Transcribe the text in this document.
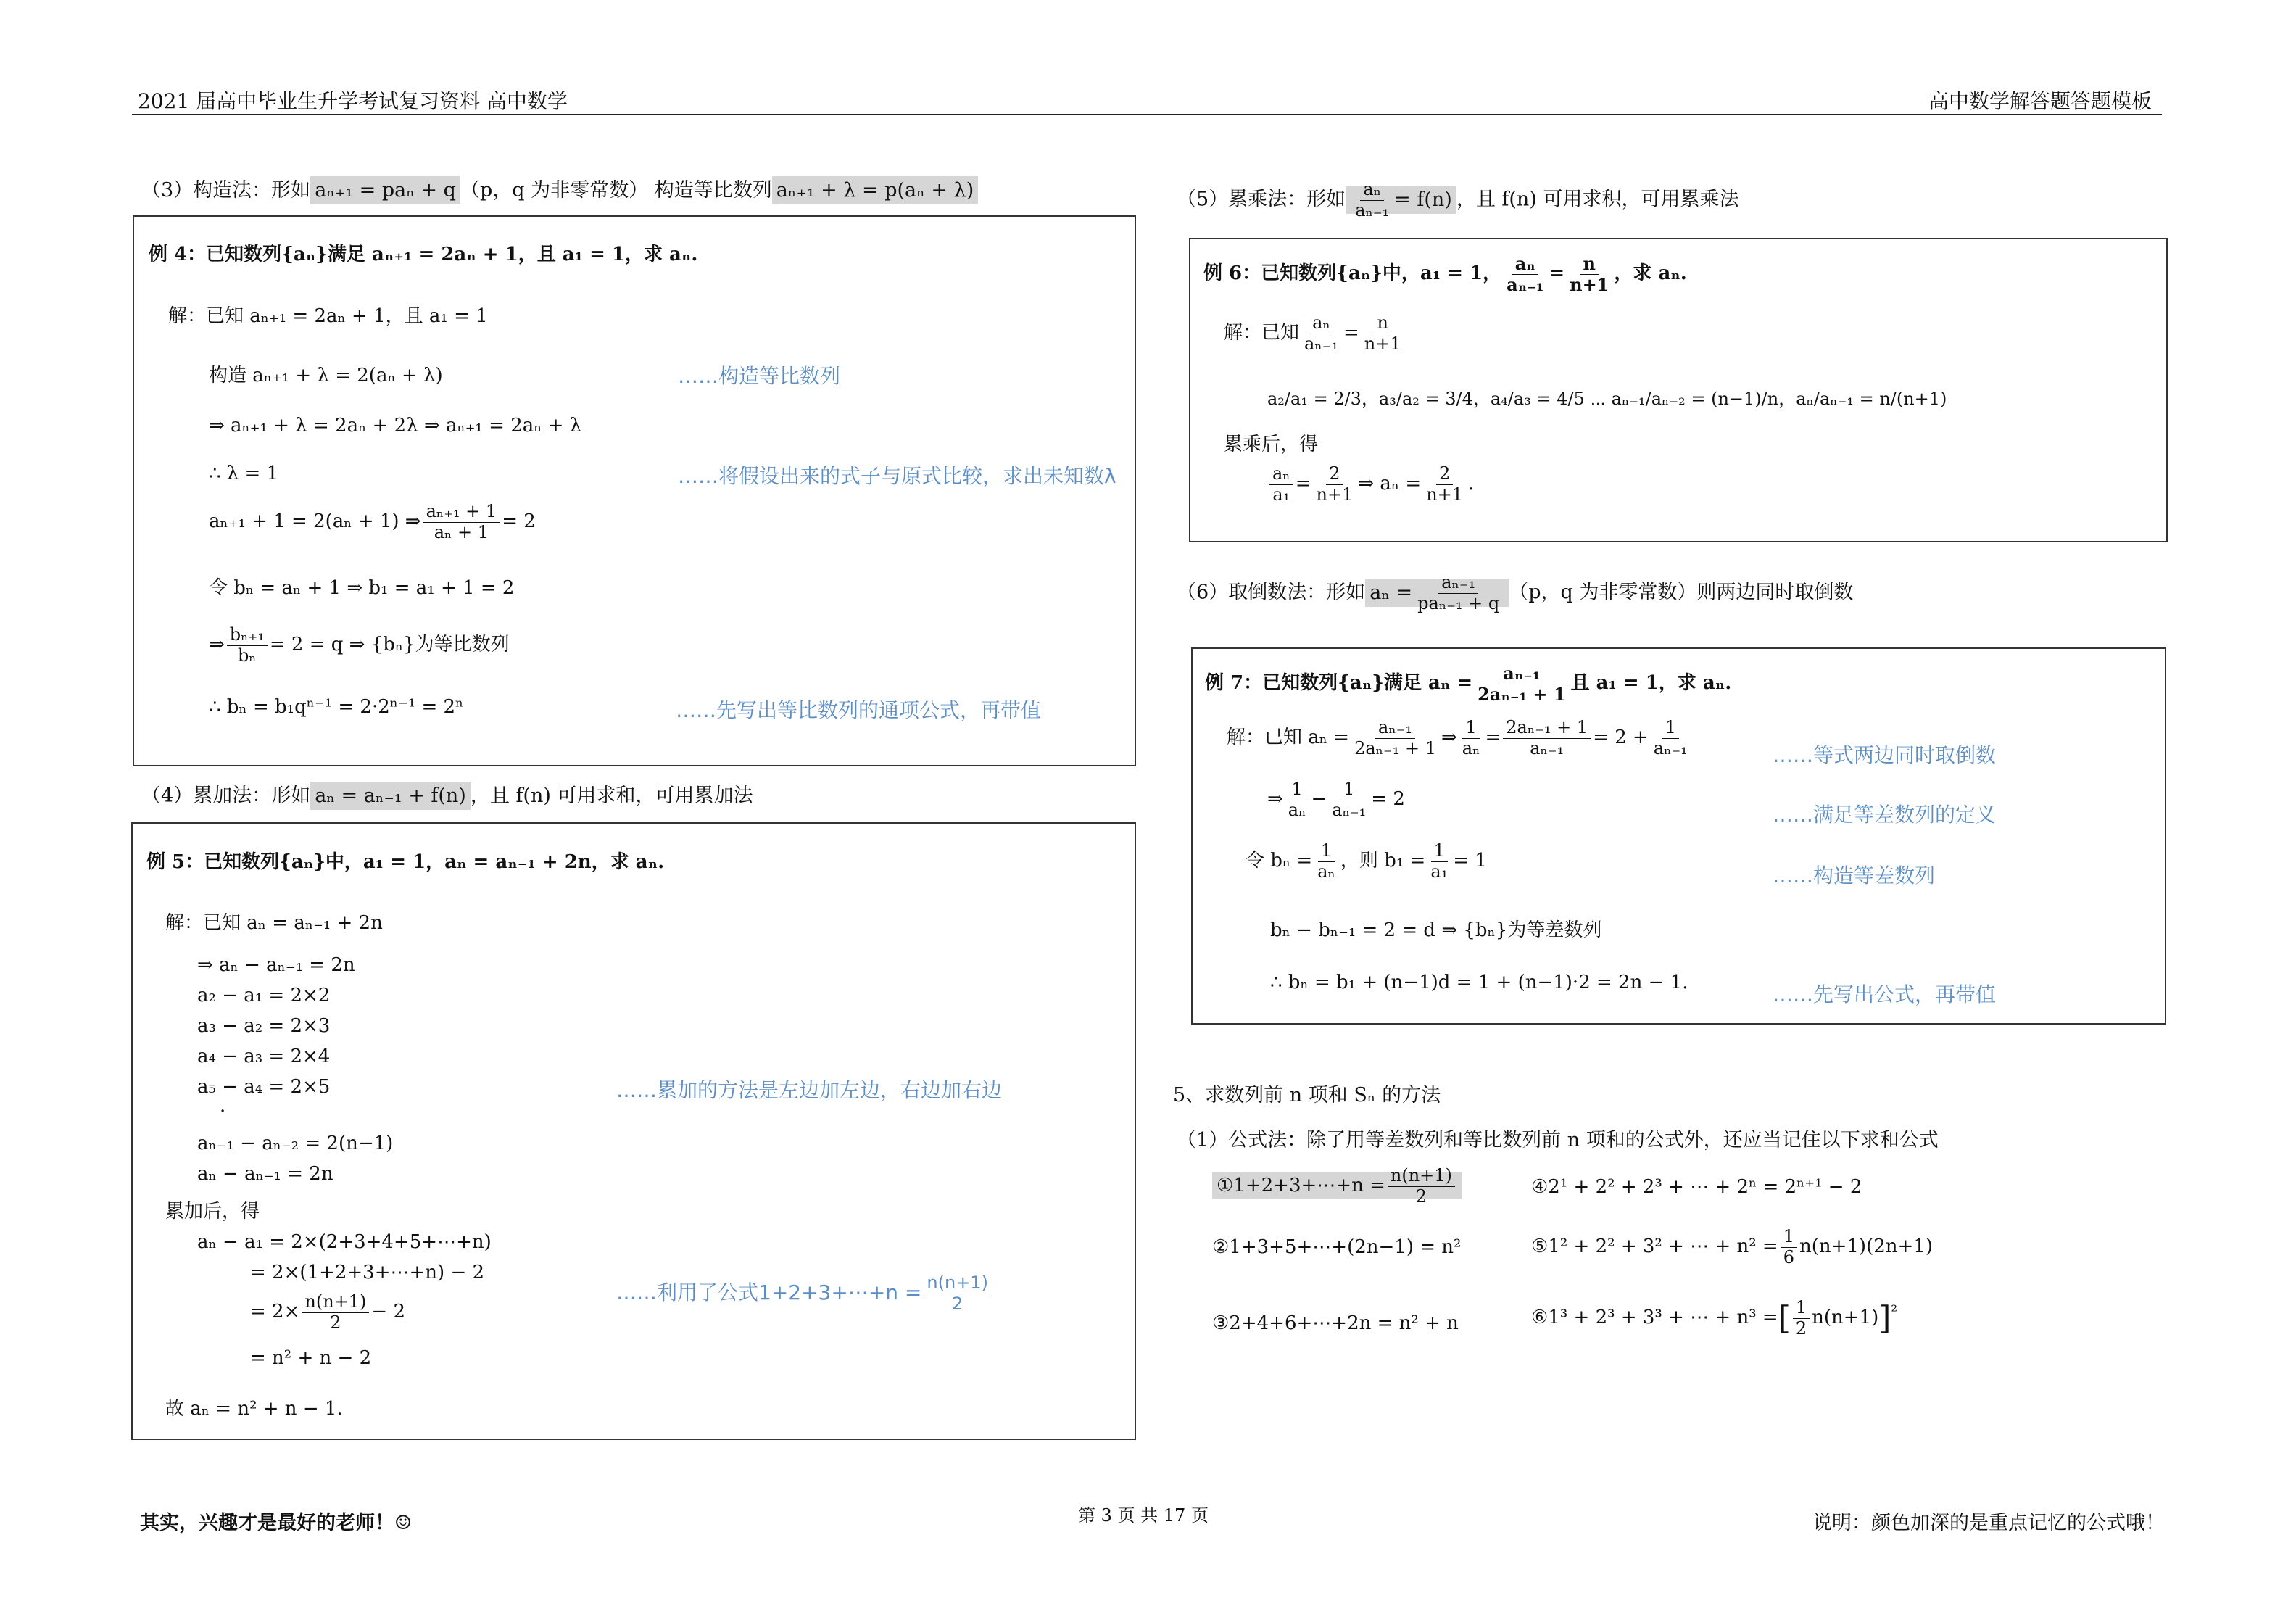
2021 届高中毕业生升学考试复习资料 高中数学	高中数学解答题答题模板
（3）构造法：形如 aₙ₊₁ = paₙ + q （p，q 为非零常数） 构造等比数列 aₙ₊₁ + λ = p(aₙ + λ)
例 4：已知数列{aₙ}满足 aₙ₊₁ = 2aₙ + 1，且 a₁ = 1，求 aₙ.
解：已知 aₙ₊₁ = 2aₙ + 1，且 a₁ = 1
构造 aₙ₊₁ + λ = 2(aₙ + λ)
⇒ aₙ₊₁ + λ = 2aₙ + 2λ ⇒ aₙ₊₁ = 2aₙ + λ
∴ λ = 1
aₙ₊₁ + 1 = 2(aₙ + 1) ⇒ $\frac{\text{aₙ₊₁ + 1}}{\text{aₙ + 1}} = 2$
令 bₙ = aₙ + 1 ⇒ b₁ = a₁ + 1 = 2
⇒ $\frac{\text{bₙ₊₁}}{\text{bₙ}} = 2 = q$ ⇒ {bₙ}为等比数列
∴ bₙ = b₁qⁿ⁻¹ = 2·2ⁿ⁻¹ = 2ⁿ
……构造等比数列
……将假设出来的式子与原式比较，求出未知数λ
……先写出等比数列的通项公式，再带值
（4）累加法：形如 aₙ = aₙ₋₁ + f(n) ，且 f(n) 可用求和，可用累加法
例 5：已知数列{aₙ}中，a₁ = 1，aₙ = aₙ₋₁ + 2n，求 aₙ.
解：已知 aₙ = aₙ₋₁ + 2n
⇒ aₙ − aₙ₋₁ = 2n
a₂ − a₁ = 2×2
a₃ − a₂ = 2×3
a₄ − a₃ = 2×4
a₅ − a₄ = 2×5
·
aₙ₋₁ − aₙ₋₂ = 2(n−1)
aₙ − aₙ₋₁ = 2n
累加后，得
aₙ − a₁ = 2×(2+3+4+5+⋯+n)
= 2×(1+2+3+⋯+n) − 2
= $2\times \frac{n(n+1)}{2} - 2$
= n² + n − 2
故 aₙ = n² + n − 1.
……累加的方法是左边加左边，右边加右边
……利用了公式1+2+3+⋯+n = $\frac{n(n+1)}{2}$
（5）累乘法：形如 $\frac{\text{aₙ}}{\text{aₙ₋₁}} = f(n)$ ，且 f(n) 可用求积，可用累乘法
例 6：已知数列{aₙ}中，a₁ = 1， $\frac{\text{aₙ}}{\text{aₙ₋₁}} = \frac{n}{n+1}$ ，求 aₙ.
解：已知 $\frac{\text{aₙ}}{\text{aₙ₋₁}} = \frac{n}{n+1}$
a₂/a₁ = 2/3，a₃/a₂ = 3/4，a₄/a₃ = 4/5 ⋯ aₙ₋₁/aₙ₋₂ = (n−1)/n，aₙ/aₙ₋₁ = n/(n+1)
累乘后，得
$\frac{\text{aₙ}}{\text{a₁}} = \frac{2}{n+1}$ ⇒ $a_n = \frac{2}{n+1}$ .
（6）取倒数法：形如 $a_n = \frac{\text{aₙ₋₁}}{\text{paₙ₋₁ + q}} (p$，q 为非零常数）则两边同时取倒数
例 7：已知数列{aₙ}满足 $a_n = \frac{\text{aₙ₋₁}}{\text{2aₙ₋₁ + 1}}$ 且 a₁ = 1，求 aₙ.
解：已知 $a_n = \frac{\text{aₙ₋₁}}{\text{2aₙ₋₁ + 1}}$ ⇒ $\frac{1}{\text{aₙ}} = \frac{\text{2aₙ₋₁ + 1}}{\text{aₙ₋₁}} = 2 + \frac{1}{\text{aₙ₋₁}}$
⇒ $\frac{1}{\text{aₙ}} - \frac{1}{\text{aₙ₋₁}} = 2$
令 $b_n = \frac{1}{\text{aₙ}}$ ，则 $b_1 = \frac{1}{\text{a₁}} = 1$
bₙ − bₙ₋₁ = 2 = d ⇒ {bₙ}为等差数列
∴ bₙ = b₁ + (n−1)d = 1 + (n−1)·2 = 2n − 1.
……等式两边同时取倒数
……满足等差数列的定义
……构造等差数列
……先写出公式，再带值
5、求数列前 n 项和 Sₙ 的方法
（1）公式法：除了用等差数列和等比数列前 n 项和的公式外，还应当记住以下求和公式
①1+2+3+⋯+n = $\frac{n(n+1)}{2}$
②1+3+5+⋯+(2n−1) = n²
③2+4+6+⋯+2n = n² + n
④2¹ + 2² + 2³ + ⋯ + 2ⁿ = 2ⁿ⁺¹ − 2
⑤1² + 2² + 3² + ⋯ + $n^2 = \frac{1}{6} n(n+1)(2n+1)$
⑥1³ + 2³ + 3³ + ⋯ + n³ =[ $\frac{1}{2} n(n+1)]^{^2}$
其实，兴趣才是最好的老师！☺	第 3 页 共 17 页	说明：颜色加深的是重点记忆的公式哦！
